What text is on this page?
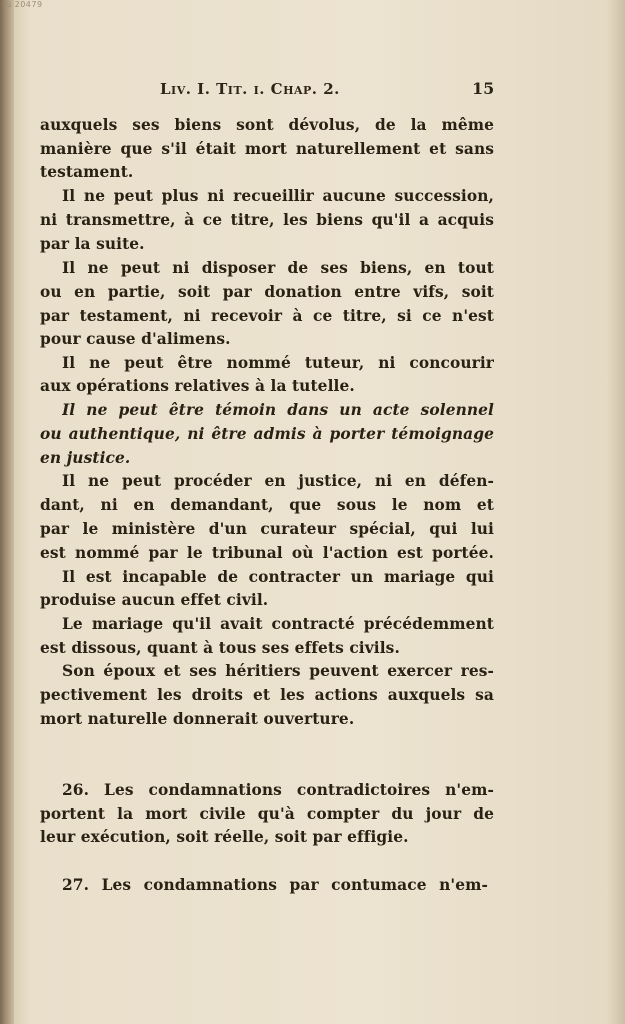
u 20479
Liv. I. Tit. i. Chap. 2.	15
auxquels ses biens sont dévolus, de la même
manière que s'il était mort naturellement et sans
testament.
Il ne peut plus ni recueillir aucune succession,
ni transmettre, à ce titre, les biens qu'il a acquis
par la suite.
Il ne peut ni disposer de ses biens, en tout
ou en partie, soit par donation entre vifs, soit
par testament, ni recevoir à ce titre, si ce n'est
pour cause d'alimens.
Il ne peut être nommé tuteur, ni concourir
aux opérations relatives à la tutelle.
Il ne peut être témoin dans un acte solennel
ou authentique, ni être admis à porter témoignage
en justice.
Il ne peut procéder en justice, ni en défen-
dant, ni en demandant, que sous le nom et
par le ministère d'un curateur spécial, qui lui
est nommé par le tribunal où l'action est portée.
Il est incapable de contracter un mariage qui
produise aucun effet civil.
Le mariage qu'il avait contracté précédemment
est dissous, quant à tous ses effets civils.
Son époux et ses héritiers peuvent exercer res-
pectivement les droits et les actions auxquels sa
mort naturelle donnerait ouverture.
26. Les condamnations contradictoires n'em-
portent la mort civile qu'à compter du jour de
leur exécution, soit réelle, soit par effigie.
27. Les condamnations par contumace n'em-
